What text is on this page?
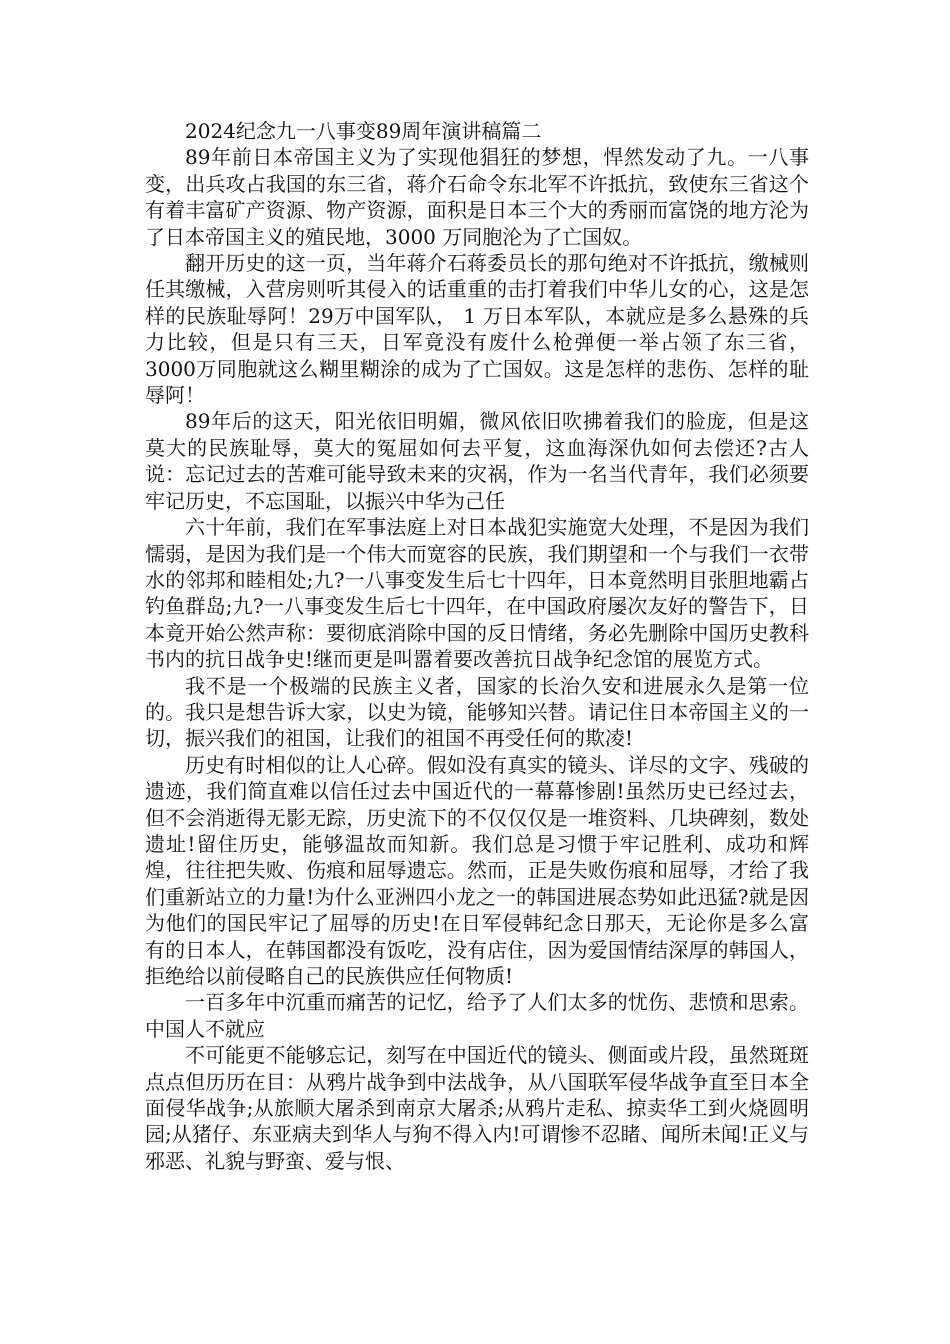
2024纪念九一八事变89周年演讲稿篇二

89年前日本帝国主义为了实现他猖狂的梦想，悍然发动了九。一八事变，出兵攻占我国的东三省，蒋介石命令东北军不许抵抗，致使东三省这个有着丰富矿产资源、物产资源，面积是日本三个大的秀丽而富饶的地方沦为了日本帝国主义的殖民地，3000 万同胞沦为了亡国奴。

翻开历史的这一页，当年蒋介石蒋委员长的那句绝对不许抵抗，缴械则任其缴械，入营房则听其侵入的话重重的击打着我们中华儿女的心，这是怎样的民族耻辱阿！29万中国军队， 1 万日本军队，本就应是多么悬殊的兵力比较，但是只有三天，日军竟没有废什么枪弹便一举占领了东三省， 3000万同胞就这么糊里糊涂的成为了亡国奴。这是怎样的悲伤、怎样的耻辱阿！

89年后的这天，阳光依旧明媚，微风依旧吹拂着我们的脸庞，但是这莫大的民族耻辱，莫大的冤屈如何去平复，这血海深仇如何去偿还?古人说：忘记过去的苦难可能导致未来的灾祸，作为一名当代青年，我们必须要牢记历史，不忘国耻，以振兴中华为己任

六十年前，我们在军事法庭上对日本战犯实施宽大处理，不是因为我们懦弱，是因为我们是一个伟大而宽容的民族，我们期望和一个与我们一衣带水的邻邦和睦相处;九?一八事变发生后七十四年，日本竟然明目张胆地霸占钓鱼群岛;九?一八事变发生后七十四年，在中国政府屡次友好的警告下，日本竟开始公然声称：要彻底消除中国的反日情绪，务必先删除中国历史教科书内的抗日战争史!继而更是叫嚣着要改善抗日战争纪念馆的展览方式。

我不是一个极端的民族主义者，国家的长治久安和进展永久是第一位的。我只是想告诉大家，以史为镜，能够知兴替。请记住日本帝国主义的一切，振兴我们的祖国，让我们的祖国不再受任何的欺凌!

历史有时相似的让人心碎。假如没有真实的镜头、详尽的文字、残破的遗迹，我们简直难以信任过去中国近代的一幕幕惨剧!虽然历史已经过去，但不会消逝得无影无踪，历史流下的不仅仅仅是一堆资料、几块碑刻，数处遗址!留住历史，能够温故而知新。我们总是习惯于牢记胜利、成功和辉煌，往往把失败、伤痕和屈辱遗忘。然而，正是失败伤痕和屈辱，才给了我们重新站立的力量!为什么亚洲四小龙之一的韩国进展态势如此迅猛?就是因为他们的国民牢记了屈辱的历史!在日军侵韩纪念日那天，无论你是多么富有的日本人，在韩国都没有饭吃，没有店住，因为爱国情结深厚的韩国人，拒绝给以前侵略自己的民族供应任何物质!

一百多年中沉重而痛苦的记忆，给予了人们太多的忧伤、悲愤和思索。中国人不就应

不可能更不能够忘记，刻写在中国近代的镜头、侧面或片段，虽然斑斑点点但历历在目：从鸦片战争到中法战争，从八国联军侵华战争直至日本全面侵华战争;从旅顺大屠杀到南京大屠杀;从鸦片走私、掠卖华工到火烧圆明园;从猪仔、东亚病夫到华人与狗不得入内!可谓惨不忍睹、闻所未闻!正义与邪恶、礼貌与野蛮、爱与恨、
